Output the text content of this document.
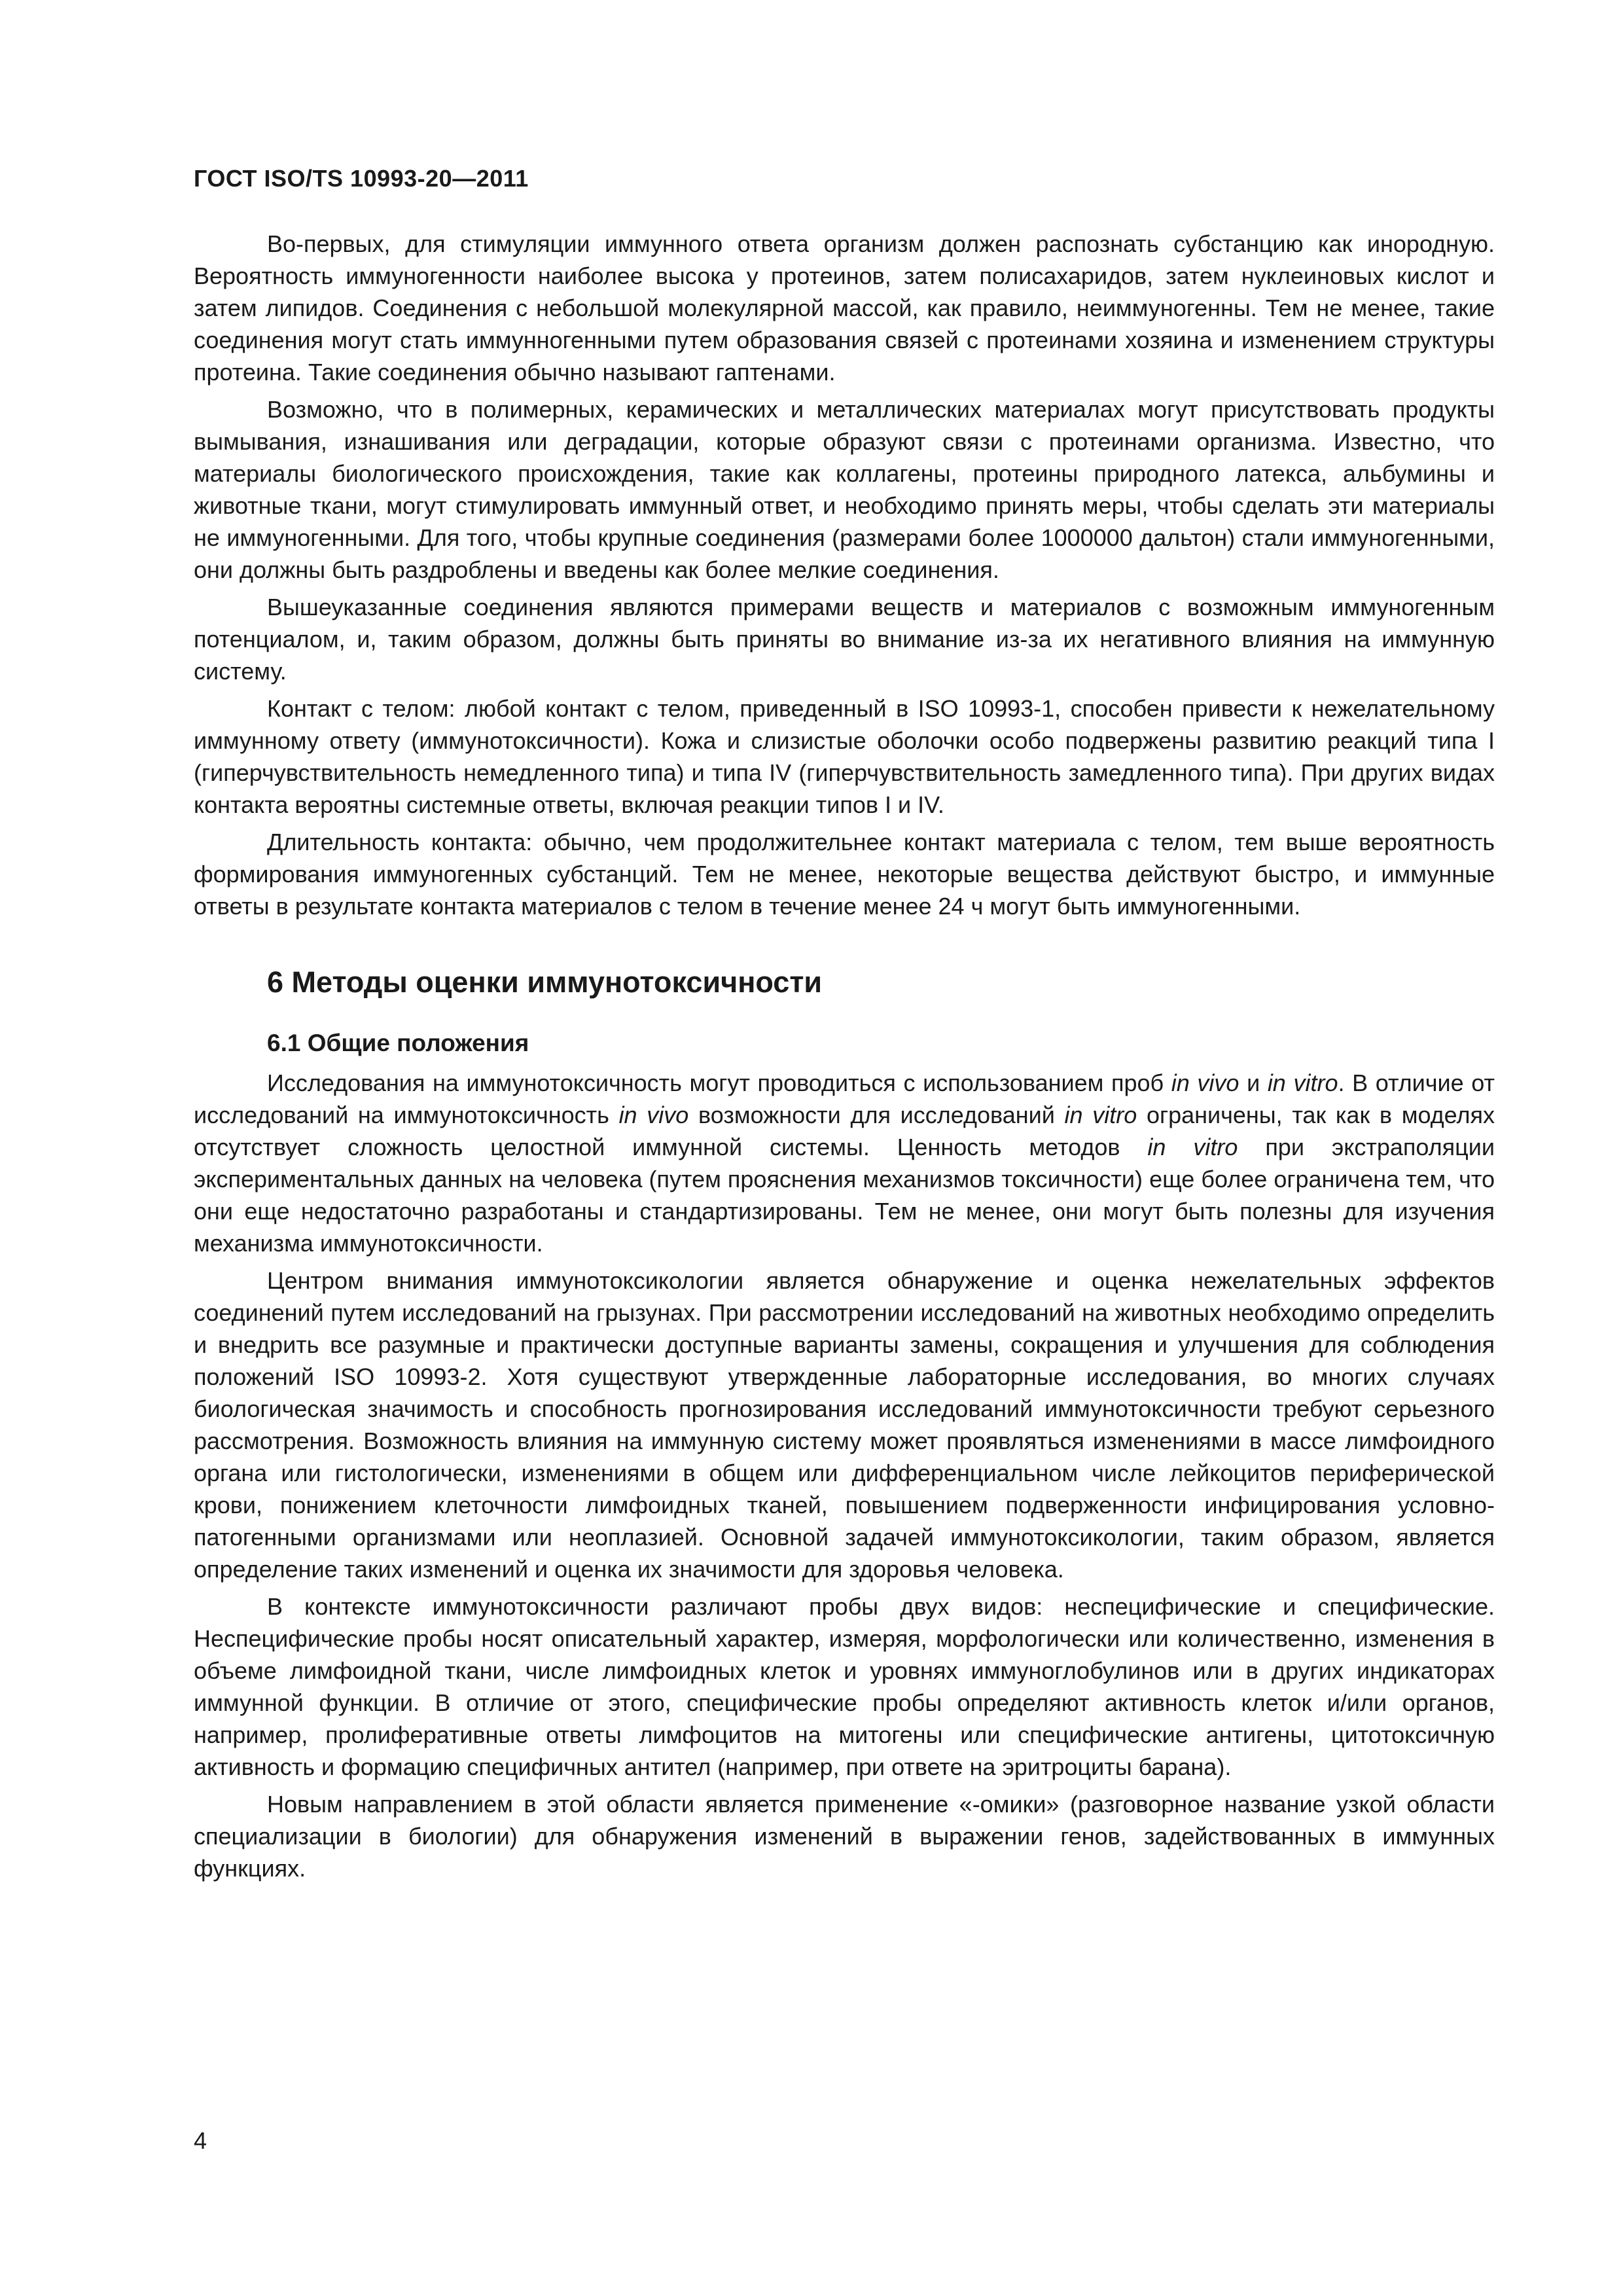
ГОСТ ISO/TS 10993-20—2011

Во-первых, для стимуляции иммунного ответа организм должен распознать субстанцию как инородную. Вероятность иммуногенности наиболее высока у протеинов, затем полисахаридов, затем нуклеиновых кислот и затем липидов. Соединения с небольшой молекулярной массой, как правило, неиммуногенны. Тем не менее, такие соединения могут стать иммунногенными путем образования связей с протеинами хозяина и изменением структуры протеина. Такие соединения обычно называют гаптенами.

Возможно, что в полимерных, керамических и металлических материалах могут присутствовать продукты вымывания, изнашивания или деградации, которые образуют связи с протеинами организма. Известно, что материалы биологического происхождения, такие как коллагены, протеины природного латекса, альбумины и животные ткани, могут стимулировать иммунный ответ, и необходимо принять меры, чтобы сделать эти материалы не иммуногенными. Для того, чтобы крупные соединения (размерами более 1000000 дальтон) стали иммуногенными, они должны быть раздроблены и введены как более мелкие соединения.

Вышеуказанные соединения являются примерами веществ и материалов с возможным иммуногенным потенциалом, и, таким образом, должны быть приняты во внимание из-за их негативного влияния на иммунную систему.

Контакт с телом: любой контакт с телом, приведенный в ISO 10993-1, способен привести к нежелательному иммунному ответу (иммунотоксичности). Кожа и слизистые оболочки особо подвержены развитию реакций типа I (гиперчувствительность немедленного типа) и типа IV (гиперчувствительность замедленного типа). При других видах контакта вероятны системные ответы, включая реакции типов I и IV.

Длительность контакта: обычно, чем продолжительнее контакт материала с телом, тем выше вероятность формирования иммуногенных субстанций. Тем не менее, некоторые вещества действуют быстро, и иммунные ответы в результате контакта материалов с телом в течение менее 24 ч могут быть иммуногенными.

6 Методы оценки иммунотоксичности
6.1 Общие положения

Исследования на иммунотоксичность могут проводиться с использованием проб in vivo и in vitro. В отличие от исследований на иммунотоксичность in vivo возможности для исследований in vitro ограничены, так как в моделях отсутствует сложность целостной иммунной системы. Ценность методов in vitro при экстраполяции экспериментальных данных на человека (путем прояснения механизмов токсичности) еще более ограничена тем, что они еще недостаточно разработаны и стандартизированы. Тем не менее, они могут быть полезны для изучения механизма иммунотоксичности.

Центром внимания иммунотоксикологии является обнаружение и оценка нежелательных эффектов соединений путем исследований на грызунах. При рассмотрении исследований на животных необходимо определить и внедрить все разумные и практически доступные варианты замены, сокращения и улучшения для соблюдения положений ISO 10993-2. Хотя существуют утвержденные лабораторные исследования, во многих случаях биологическая значимость и способность прогнозирования исследований иммунотоксичности требуют серьезного рассмотрения. Возможность влияния на иммунную систему может проявляться изменениями в массе лимфоидного органа или гистологически, изменениями в общем или дифференциальном числе лейкоцитов периферической крови, понижением клеточности лимфоидных тканей, повышением подверженности инфицирования условно-патогенными организмами или неоплазией. Основной задачей иммунотоксикологии, таким образом, является определение таких изменений и оценка их значимости для здоровья человека.

В контексте иммунотоксичности различают пробы двух видов: неспецифические и специфические. Неспецифические пробы носят описательный характер, измеряя, морфологически или количественно, изменения в объеме лимфоидной ткани, числе лимфоидных клеток и уровнях иммуноглобулинов или в других индикаторах иммунной функции. В отличие от этого, специфические пробы определяют активность клеток и/или органов, например, пролиферативные ответы лимфоцитов на митогены или специфические антигены, цитотоксичную активность и формацию специфичных антител (например, при ответе на эритроциты барана).

Новым направлением в этой области является применение «-омики» (разговорное название узкой области специализации в биологии) для обнаружения изменений в выражении генов, задействованных в иммунных функциях.

4
